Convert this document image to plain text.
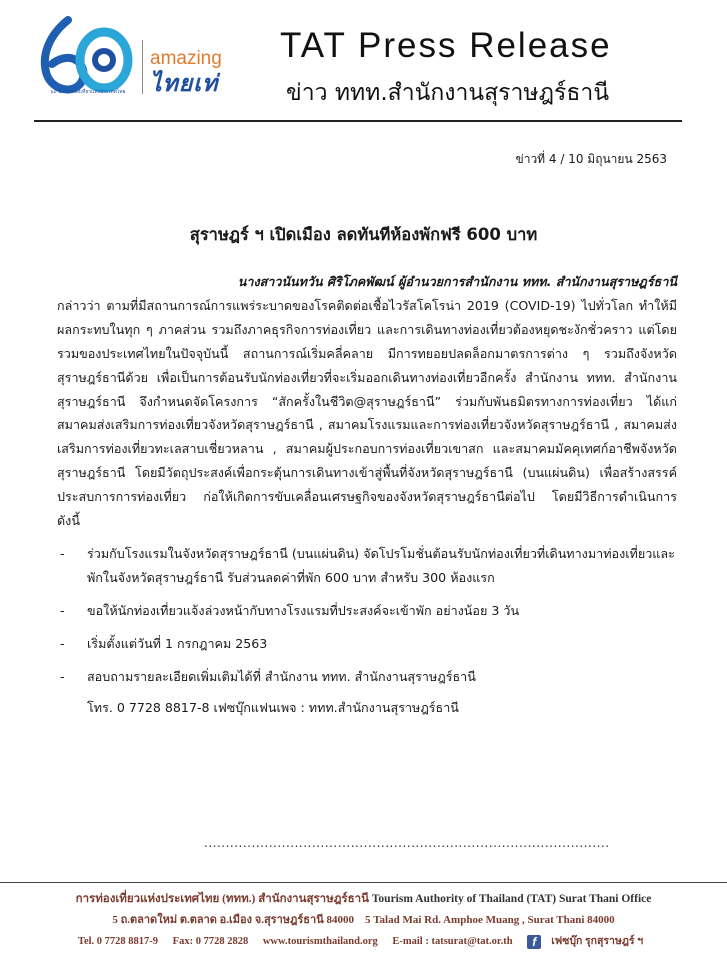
๖๐ ปี การท่องเที่ยวแห่งประเทศไทย
amazing
ไทยเท่
TAT Press Release
ข่าว ททท.สำนักงานสุราษฎร์ธานี
ข่าวที่ 4 / 10 มิถุนายน 2563
สุราษฎร์ ฯ เปิดเมือง ลดทันทีห้องพักฟรี 600 บาท

นางสาวนันทวัน ศิริโภคพัฒน์ ผู้อำนวยการสำนักงาน ททท. สำนักงานสุราษฎร์ธานี

กล่าวว่า ตามที่มีสถานการณ์การแพร่ระบาดของโรคติดต่อเชื้อไวรัสโคโรน่า 2019 (COVID-19) ไปทั่วโลก ทำให้มีผลกระทบในทุก ๆ ภาคส่วน รวมถึงภาคธุรกิจการท่องเที่ยว และการเดินทางท่องเที่ยวต้องหยุดชะงักชั่วคราว แต่โดยรวมของประเทศไทยในปัจจุบันนี้ สถานการณ์เริ่มคลี่คลาย มีการทยอยปลดล็อกมาตรการต่าง ๆ รวมถึงจังหวัดสุราษฎร์ธานีด้วย เพื่อเป็นการต้อนรับนักท่องเที่ยวที่จะเริ่มออกเดินทางท่องเที่ยวอีกครั้ง สำนักงาน ททท. สำนักงานสุราษฎร์ธานี จึงกำหนดจัดโครงการ “สักครั้งในชีวิต@สุราษฎร์ธานี” ร่วมกับพันธมิตรทางการท่องเที่ยว ได้แก่ สมาคมส่งเสริมการท่องเที่ยวจังหวัดสุราษฎร์ธานี , สมาคมโรงแรมและการท่องเที่ยวจังหวัดสุราษฎร์ธานี , สมาคมส่งเสริมการท่องเที่ยวทะเลสาบเชี่ยวหลาน , สมาคมผู้ประกอบการท่องเที่ยวเขาสก และสมาคมมัคคุเทศก์อาชีพจังหวัดสุราษฎร์ธานี โดยมีวัตถุประสงค์เพื่อกระตุ้นการเดินทางเข้าสู่พื้นที่จังหวัดสุราษฎร์ธานี (บนแผ่นดิน) เพื่อสร้างสรรค์ประสบการการท่องเที่ยว ก่อให้เกิดการขับเคลื่อนเศรษฐกิจของจังหวัดสุราษฎร์ธานีต่อไป โดยมีวิธีการดำเนินการ ดังนี้

- ร่วมกับโรงแรมในจังหวัดสุราษฎร์ธานี (บนแผ่นดิน) จัดโปรโมชั่นต้อนรับนักท่องเที่ยวที่เดินทางมาท่องเที่ยวและพักในจังหวัดสุราษฎร์ธานี รับส่วนลดค่าที่พัก 600 บาท สำหรับ 300 ห้องแรก
- ขอให้นักท่องเที่ยวแจ้งล่วงหน้ากับทางโรงแรมที่ประสงค์จะเข้าพัก อย่างน้อย 3 วัน
- เริ่มตั้งแต่วันที่ 1 กรกฎาคม 2563
- สอบถามรายละเอียดเพิ่มเติมได้ที่ สำนักงาน ททท. สำนักงานสุราษฎร์ธานี
โทร. 0 7728 8817-8 เฟซบุ๊กแฟนเพจ : ททท.สำนักงานสุราษฎร์ธานี
..............................................................................................
การท่องเที่ยวแห่งประเทศไทย (ททท.) สำนักงานสุราษฎร์ธานี Tourism Authority of Thailand (TAT) Surat Thani Office
5 ถ.ตลาดใหม่ ต.ตลาด อ.เมือง จ.สุราษฎร์ธานี 84000 5 Talad Mai Rd. Amphoe Muang , Surat Thani 84000
Tel. 0 7728 8817-9 Fax: 0 7728 2828 www.tourismthailand.org E-mail : tatsurat@tat.or.th f เฟซบุ๊ก รุกสุราษฎร์ ฯ
